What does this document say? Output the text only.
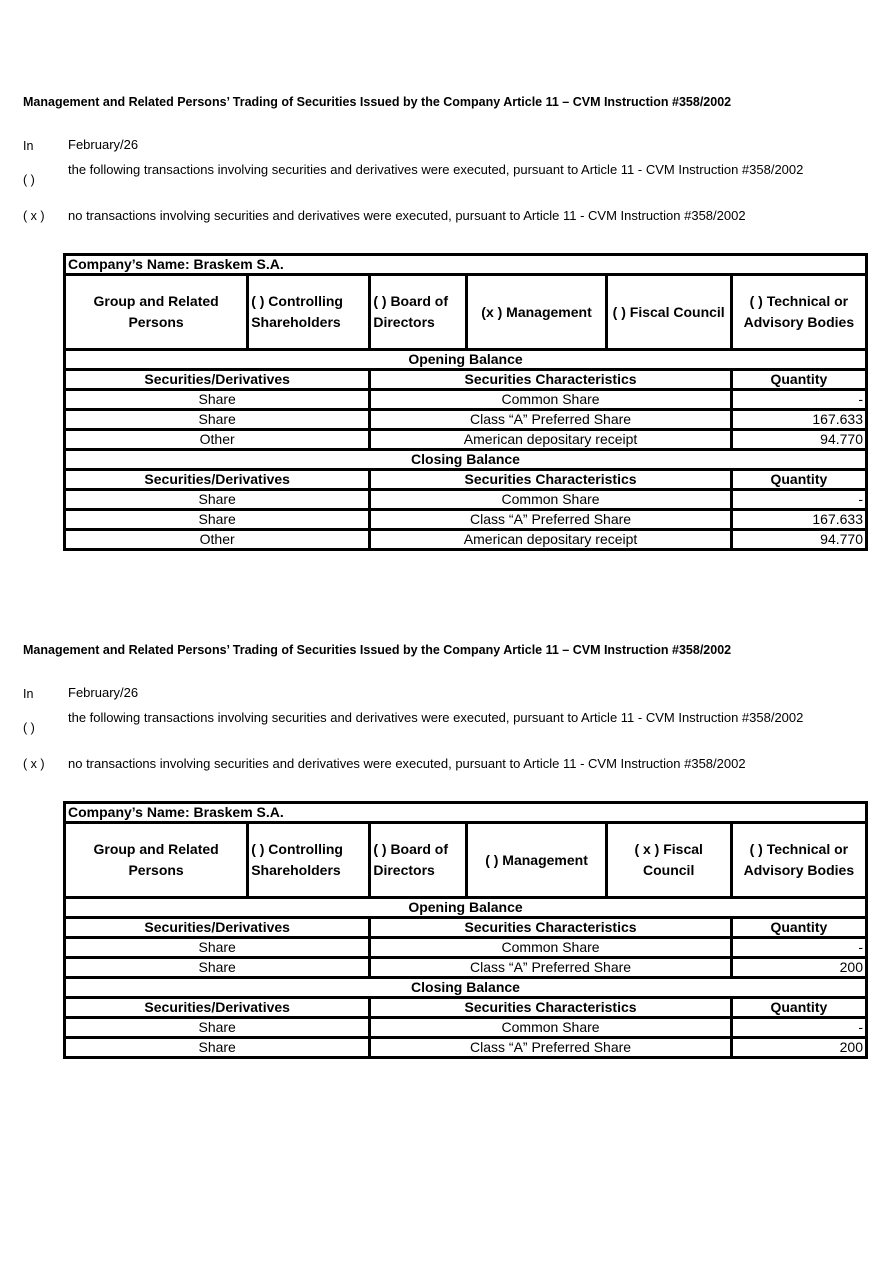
Management and Related Persons’ Trading of Securities Issued by the Company Article 11 – CVM Instruction #358/2002
In	February/26
( )
the following transactions involving securities and derivatives were executed, pursuant to Article 11 - CVM Instruction #358/2002
( x ) no transactions involving securities and derivatives were executed, pursuant to Article 11 - CVM Instruction #358/2002
Company’s Name: Braskem S.A.					
Group and Related Persons	( ) Controlling Shareholders	( ) Board of Directors	(x ) Management	( ) Fiscal Council	( ) Technical or Advisory Bodies
Opening Balance					
Securities/Derivatives		Securities Characteristics			Quantity
Share		Common Share			-
Share		Class “A” Preferred Share			167.633
Other		American depositary receipt			94.770
Closing Balance					
Securities/Derivatives		Securities Characteristics			Quantity
Share		Common Share			-
Share		Class “A” Preferred Share			167.633
Other		American depositary receipt			94.770
Management and Related Persons’ Trading of Securities Issued by the Company Article 11 – CVM Instruction #358/2002
In	February/26
( )
the following transactions involving securities and derivatives were executed, pursuant to Article 11 - CVM Instruction #358/2002
( x ) no transactions involving securities and derivatives were executed, pursuant to Article 11 - CVM Instruction #358/2002
Company’s Name: Braskem S.A.					
Group and Related Persons	( ) Controlling Shareholders	( ) Board of Directors	( ) Management	( x ) Fiscal Council	( ) Technical or Advisory Bodies
Opening Balance					
Securities/Derivatives		Securities Characteristics			Quantity
Share		Common Share			-
Share		Class “A” Preferred Share			200
Closing Balance					
Securities/Derivatives		Securities Characteristics			Quantity
Share		Common Share			-
Share		Class “A” Preferred Share			200
